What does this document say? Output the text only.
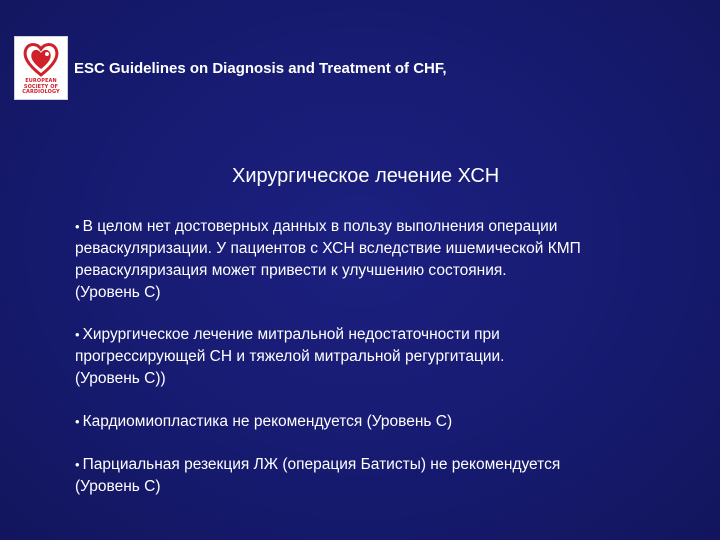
EUROPEAN
SOCIETY OF
CARDIOLOGY
ESC Guidelines on Diagnosis and Treatment of CHF,
Хирургическое лечение ХСН
• В целом нет достоверных данных в пользу выполнения операции
реваскуляризации. У пациентов с ХСН вследствие ишемической КМП
реваскуляризация может привести к улучшению состояния.
(Уровень С)
• Хирургическое лечение митральной недостаточности при
прогрессирующей СН и тяжелой митральной регургитации.
(Уровень С))
• Кардиомиопластика не рекомендуется (Уровень С)
• Парциальная резекция ЛЖ (операция Батисты) не рекомендуется
(Уровень С)
